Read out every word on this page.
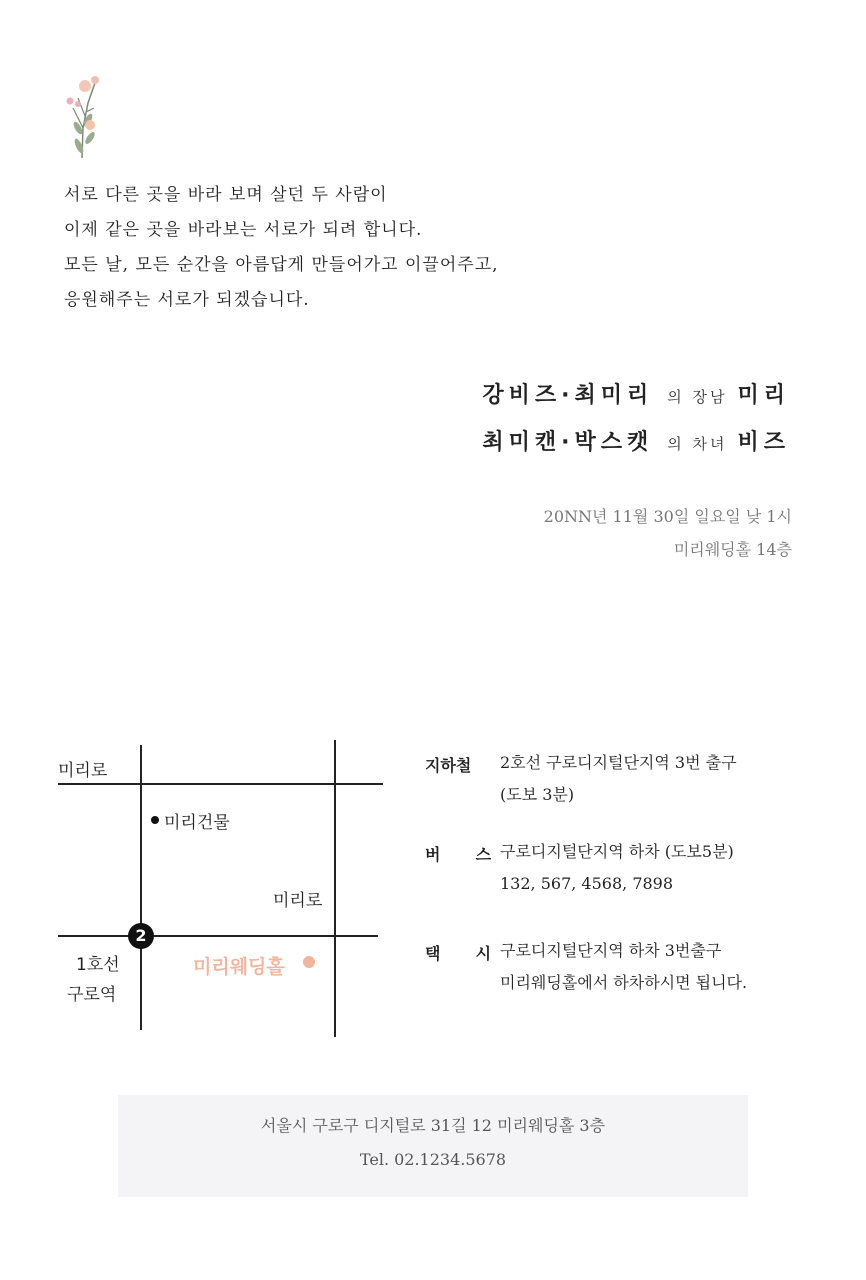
서로 다른 곳을 바라 보며 살던 두 사람이

이제 같은 곳을 바라보는 서로가 되려 합니다.

모든 날, 모든 순간을 아름답게 만들어가고 이끌어주고,

응원해주는 서로가 되겠습니다.

강비즈·최미리 의 장남 미리
최미캔·박스캣 의 차녀 비즈
20NN년 11월 30일 일요일 낮 1시
미리웨딩홀 14층
미리로
미리로
미리건물
2
1호선
구로역
미리웨딩홀
지하철 2호선 구로디지털단지역 3번 출구
(도보 3분)
버  스 구로디지털단지역 하차 (도보5분)
132, 567, 4568, 7898
택  시 구로디지털단지역 하차 3번출구
미리웨딩홀에서 하차하시면 됩니다.
서울시 구로구 디지털로 31길 12 미리웨딩홀 3층
Tel. 02.1234.5678
